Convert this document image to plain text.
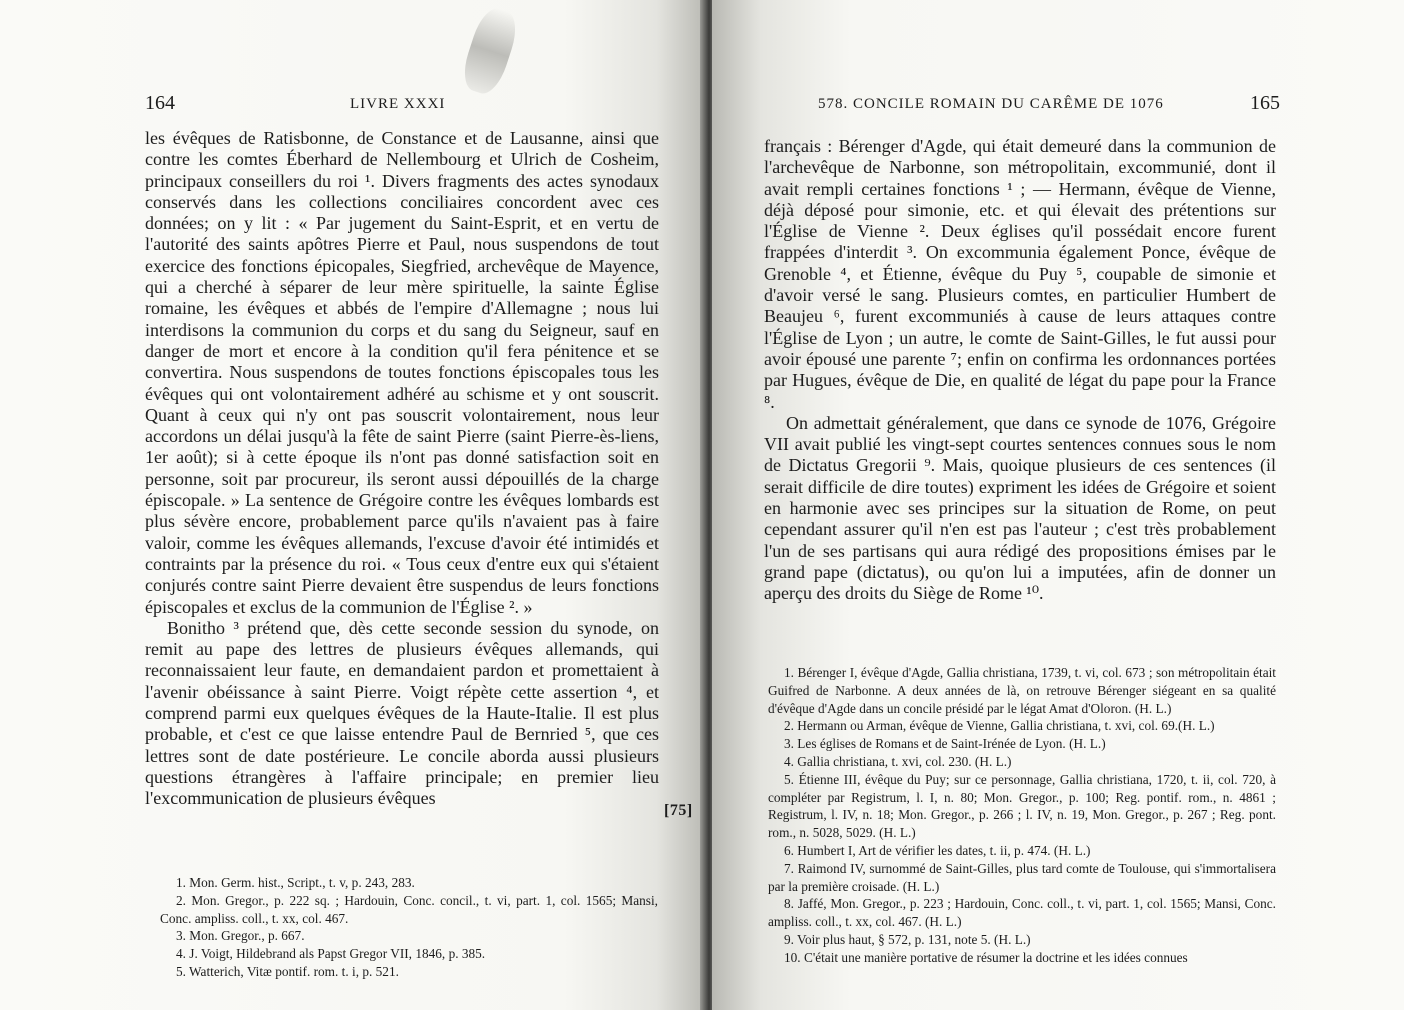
164	LIVRE XXXI

les évêques de Ratisbonne, de Constance et de Lausanne, ainsi que contre les comtes Éberhard de Nellembourg et Ulrich de Cosheim, principaux conseillers du roi ¹. Divers fragments des actes synodaux conservés dans les collections conciliaires concordent avec ces données; on y lit : « Par jugement du Saint-Esprit, et en vertu de l'autorité des saints apôtres Pierre et Paul, nous suspendons de tout exercice des fonctions épicopales, Siegfried, archevêque de Mayence, qui a cherché à séparer de leur mère spirituelle, la sainte Église romaine, les évêques et abbés de l'empire d'Allemagne ; nous lui interdisons la communion du corps et du sang du Seigneur, sauf en danger de mort et encore à la condition qu'il fera pénitence et se convertira. Nous suspendons de toutes fonctions épiscopales tous les évêques qui ont volontairement adhéré au schisme et y ont souscrit. Quant à ceux qui n'y ont pas souscrit volontairement, nous leur accordons un délai jusqu'à la fête de saint Pierre (saint Pierre-ès-liens, 1er août); si à cette époque ils n'ont pas donné satisfaction soit en personne, soit par procureur, ils seront aussi dépouillés de la charge épiscopale. » La sentence de Grégoire contre les évêques lombards est plus sévère encore, probablement parce qu'ils n'avaient pas à faire valoir, comme les évêques allemands, l'excuse d'avoir été intimidés et contraints par la présence du roi. « Tous ceux d'entre eux qui s'étaient conjurés contre saint Pierre devaient être suspendus de leurs fonctions épiscopales et exclus de la communion de l'Église ². »

Bonitho ³ prétend que, dès cette seconde session du synode, on remit au pape des lettres de plusieurs évêques allemands, qui reconnaissaient leur faute, en demandaient pardon et promettaient à l'avenir obéissance à saint Pierre. Voigt répète cette assertion ⁴, et comprend parmi eux quelques évêques de la Haute-Italie. Il est plus probable, et c'est ce que laisse entendre Paul de Bernried ⁵, que ces lettres sont de date postérieure. Le concile aborda aussi plusieurs questions étrangères à l'affaire principale; en premier lieu l'excommunication de plusieurs évêques

1. Mon. Germ. hist., Script., t. v, p. 243, 283.
2. Mon. Gregor., p. 222 sq. ; Hardouin, Conc. concil., t. vi, part. 1, col. 1565; Mansi, Conc. ampliss. coll., t. xx, col. 467.
3. Mon. Gregor., p. 667.
4. J. Voigt, Hildebrand als Papst Gregor VII, 1846, p. 385.
5. Watterich, Vitæ pontif. rom. t. i, p. 521.
[75]
578. CONCILE ROMAIN DU CARÊME DE 1076	165

français : Bérenger d'Agde, qui était demeuré dans la communion de l'archevêque de Narbonne, son métropolitain, excommunié, dont il avait rempli certaines fonctions ¹ ; — Hermann, évêque de Vienne, déjà déposé pour simonie, etc. et qui élevait des prétentions sur l'Église de Vienne ². Deux églises qu'il possédait encore furent frappées d'interdit ³. On excommunia également Ponce, évêque de Grenoble ⁴, et Étienne, évêque du Puy ⁵, coupable de simonie et d'avoir versé le sang. Plusieurs comtes, en particulier Humbert de Beaujeu ⁶, furent excommuniés à cause de leurs attaques contre l'Église de Lyon ; un autre, le comte de Saint-Gilles, le fut aussi pour avoir épousé une parente ⁷; enfin on confirma les ordonnances portées par Hugues, évêque de Die, en qualité de légat du pape pour la France ⁸.

On admettait généralement, que dans ce synode de 1076, Grégoire VII avait publié les vingt-sept courtes sentences connues sous le nom de Dictatus Gregorii ⁹. Mais, quoique plusieurs de ces sentences (il serait difficile de dire toutes) expriment les idées de Grégoire et soient en harmonie avec ses principes sur la situation de Rome, on peut cependant assurer qu'il n'en est pas l'auteur ; c'est très probablement l'un de ses partisans qui aura rédigé des propositions émises par le grand pape (dictatus), ou qu'on lui a imputées, afin de donner un aperçu des droits du Siège de Rome ¹⁰.

1. Bérenger I, évêque d'Agde, Gallia christiana, 1739, t. vi, col. 673 ; son métropolitain était Guifred de Narbonne. A deux années de là, on retrouve Bérenger siégeant en sa qualité d'évêque d'Agde dans un concile présidé par le légat Amat d'Oloron. (H. L.)
2. Hermann ou Arman, évêque de Vienne, Gallia christiana, t. xvi, col. 69.(H. L.)
3. Les églises de Romans et de Saint-Irénée de Lyon. (H. L.)
4. Gallia christiana, t. xvi, col. 230. (H. L.)
5. Étienne III, évêque du Puy; sur ce personnage, Gallia christiana, 1720, t. ii, col. 720, à compléter par Registrum, l. I, n. 80; Mon. Gregor., p. 100; Reg. pontif. rom., n. 4861 ; Registrum, l. IV, n. 18; Mon. Gregor., p. 266 ; l. IV, n. 19, Mon. Gregor., p. 267 ; Reg. pont. rom., n. 5028, 5029. (H. L.)
6. Humbert I, Art de vérifier les dates, t. ii, p. 474. (H. L.)
7. Raimond IV, surnommé de Saint-Gilles, plus tard comte de Toulouse, qui s'immortalisera par la première croisade. (H. L.)
8. Jaffé, Mon. Gregor., p. 223 ; Hardouin, Conc. coll., t. vi, part. 1, col. 1565; Mansi, Conc. ampliss. coll., t. xx, col. 467. (H. L.)
9. Voir plus haut, § 572, p. 131, note 5. (H. L.)
10. C'était une manière portative de résumer la doctrine et les idées connues
